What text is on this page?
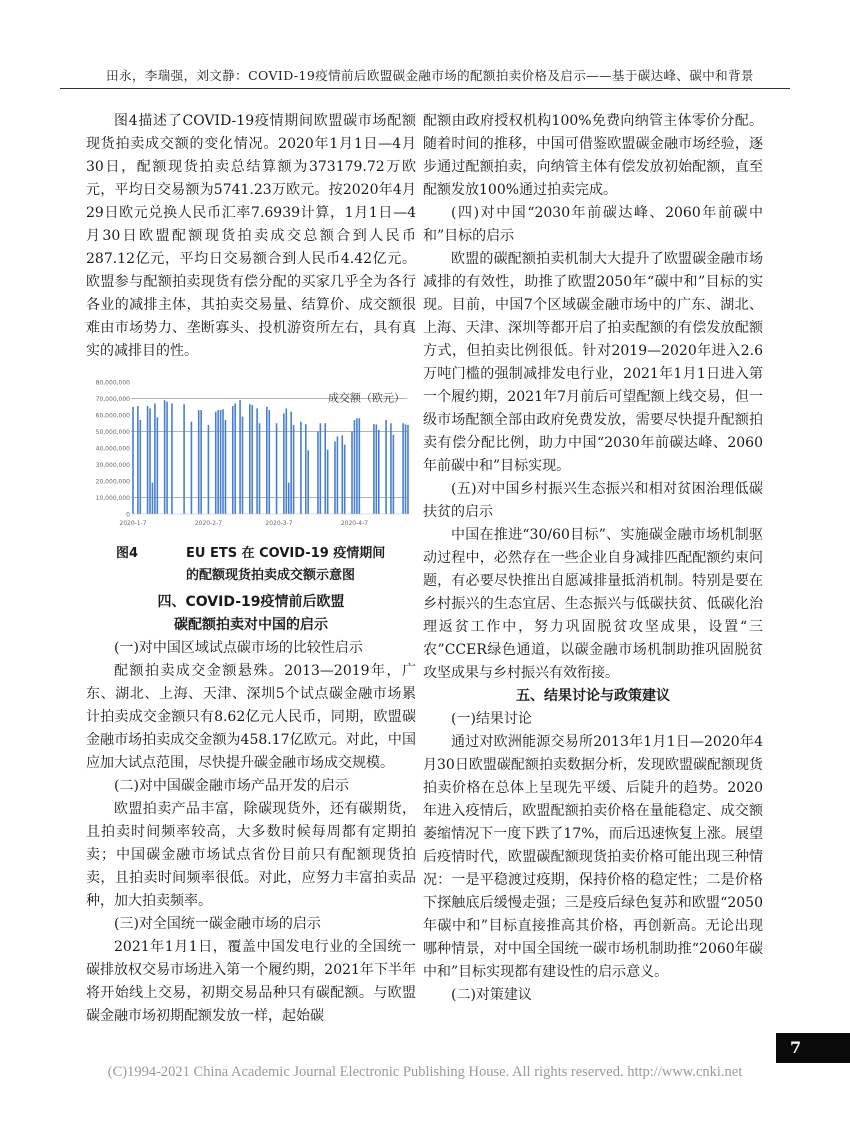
田永，李瑞强，刘文静：COVID-19疫情前后欧盟碳金融市场的配额拍卖价格及启示——基于碳达峰、碳中和背景

图4描述了COVID-19疫情期间欧盟碳市场配额现货拍卖成交额的变化情况。2020年1月1日—4月30日，配额现货拍卖总结算额为373179.72万欧元，平均日交易额为5741.23万欧元。按2020年4月29日欧元兑换人民币汇率7.6939计算，1月1日—4月30日欧盟配额现货拍卖成交总额合到人民币287.12亿元，平均日交易额合到人民币4.42亿元。欧盟参与配额拍卖现货有偿分配的买家几乎全为各行各业的减排主体，其拍卖交易量、结算价、成交额很难由市场势力、垄断寡头、投机游资所左右，具有真实的减排目的性。

0
10,000,000
20,000,000
30,000,000
40,000,000
50,000,000
60,000,000
70,000,000
80,000,000
2020-1-7	2020-2-7	2020-3-7	2020-4-7
成交额（欧元）
图4	EU ETS 在 COVID-19 疫情期间
的配额现货拍卖成交额示意图
四、COVID-19疫情前后欧盟
碳配额拍卖对中国的启示

(一)对中国区域试点碳市场的比较性启示

配额拍卖成交金额悬殊。2013—2019年，广东、湖北、上海、天津、深圳5个试点碳金融市场累计拍卖成交金额只有8.62亿元人民币，同期，欧盟碳金融市场拍卖成交金额为458.17亿欧元。对此，中国应加大试点范围，尽快提升碳金融市场成交规模。

(二)对中国碳金融市场产品开发的启示

欧盟拍卖产品丰富，除碳现货外，还有碳期货，且拍卖时间频率较高，大多数时候每周都有定期拍卖；中国碳金融市场试点省份目前只有配额现货拍卖，且拍卖时间频率很低。对此，应努力丰富拍卖品种，加大拍卖频率。

(三)对全国统一碳金融市场的启示

2021年1月1日，覆盖中国发电行业的全国统一碳排放权交易市场进入第一个履约期，2021年下半年将开始线上交易，初期交易品种只有碳配额。与欧盟碳金融市场初期配额发放一样，起始碳

配额由政府授权机构100%免费向纳管主体零价分配。随着时间的推移，中国可借鉴欧盟碳金融市场经验，逐步通过配额拍卖，向纳管主体有偿发放初始配额，直至配额发放100%通过拍卖完成。

(四)对中国“2030年前碳达峰、2060年前碳中和”目标的启示

欧盟的碳配额拍卖机制大大提升了欧盟碳金融市场减排的有效性，助推了欧盟2050年“碳中和”目标的实现。目前，中国7个区域碳金融市场中的广东、湖北、上海、天津、深圳等都开启了拍卖配额的有偿发放配额方式，但拍卖比例很低。针对2019—2020年进入2.6万吨门槛的强制减排发电行业，2021年1月1日进入第一个履约期，2021年7月前后可望配额上线交易，但一级市场配额全部由政府免费发放，需要尽快提升配额拍卖有偿分配比例，助力中国“2030年前碳达峰、2060年前碳中和”目标实现。

(五)对中国乡村振兴生态振兴和相对贫困治理低碳扶贫的启示

中国在推进“30/60目标”、实施碳金融市场机制驱动过程中，必然存在一些企业自身减排匹配配额约束问题，有必要尽快推出自愿减排量抵消机制。特别是要在乡村振兴的生态宜居、生态振兴与低碳扶贫、低碳化治理返贫工作中，努力巩固脱贫攻坚成果，设置“三农”CCER绿色通道，以碳金融市场机制助推巩固脱贫攻坚成果与乡村振兴有效衔接。

五、结果讨论与政策建议

(一)结果讨论

通过对欧洲能源交易所2013年1月1日—2020年4月30日欧盟碳配额拍卖数据分析，发现欧盟碳配额现货拍卖价格在总体上呈现先平缓、后陡升的趋势。2020年进入疫情后，欧盟配额拍卖价格在量能稳定、成交额萎缩情况下一度下跌了17%，而后迅速恢复上涨。展望后疫情时代，欧盟碳配额现货拍卖价格可能出现三种情况：一是平稳渡过疫期，保持价格的稳定性；二是价格下探触底后缓慢走强；三是疫后绿色复苏和欧盟“2050年碳中和”目标直接推高其价格，再创新高。无论出现哪种情景，对中国全国统一碳市场机制助推“2060年碳中和”目标实现都有建设性的启示意义。

(二)对策建议

7
(C)1994-2021 China Academic Journal Electronic Publishing House. All rights reserved. http://www.cnki.net
